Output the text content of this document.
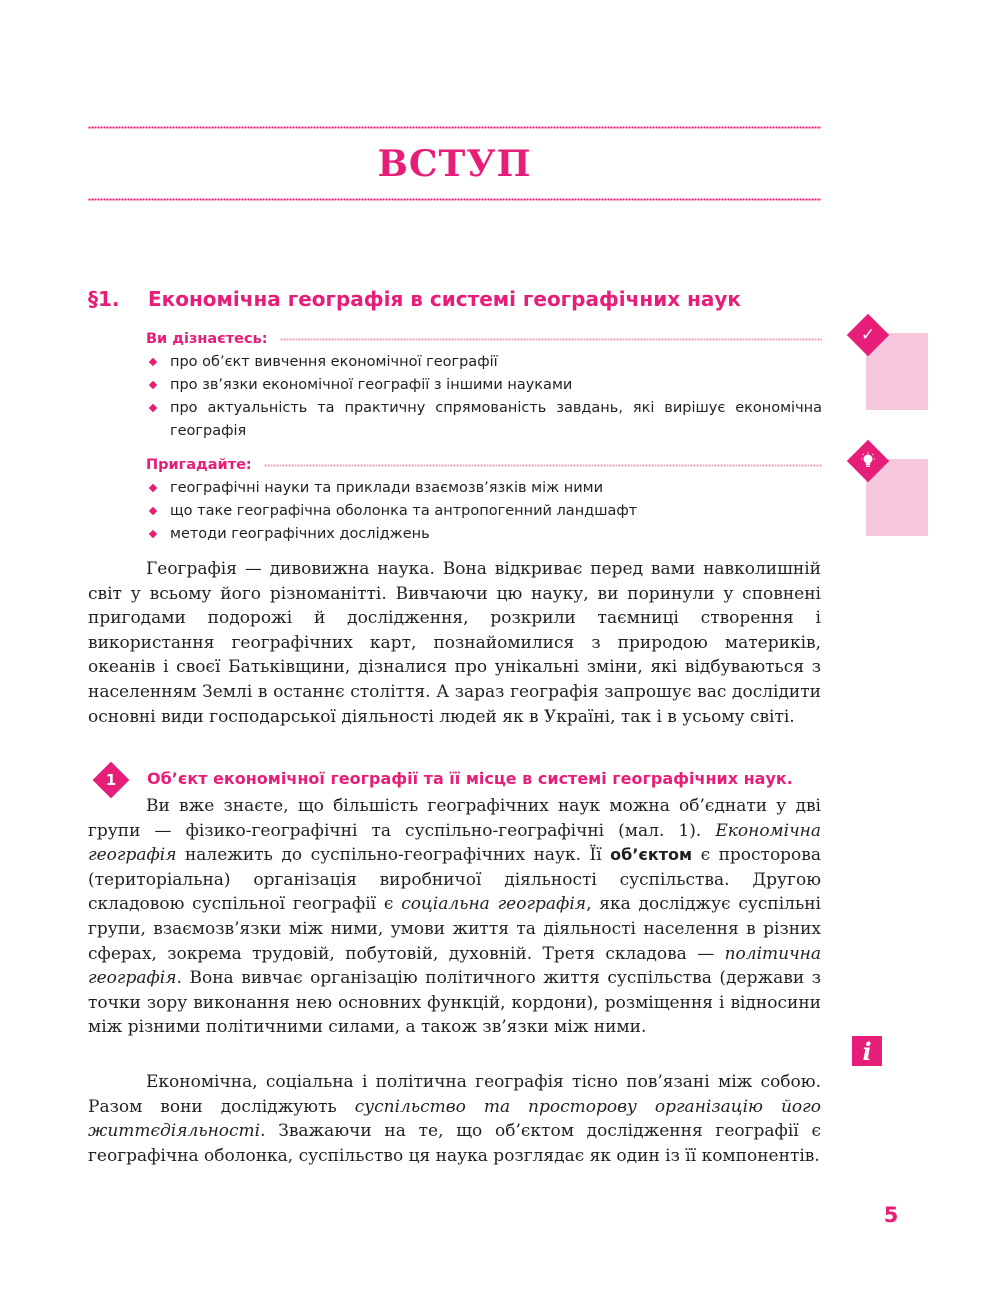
ВСТУП
§1. Економічна географія в системі географічних наук
Ви дізнаєтесь:
про об’єкт вивчення економічної географії
про зв’язки економічної географії з іншими науками
про актуальність та практичну спрямованість завдань, які вирішує економічна географія
Пригадайте:
географічні науки та приклади взаємозв’язків між ними
що таке географічна оболонка та антропогенний ландшафт
методи географічних досліджень
✓

Географія — дивовижна наука. Вона відкриває перед вами навколишній світ у всьому його різноманітті. Вивчаючи цю науку, ви поринули у сповнені пригодами подорожі й дослідження, розкрили таємниці створення і використання географічних карт, познайомилися з природою материків, океанів і своєї Батьківщини, дізналися про унікальні зміни, які відбуваються з населенням Землі в останнє століття. А зараз географія запрошує вас дослідити основні види господарської діяльності людей як в Україні, так і в усьому світі.

1	Об’єкт економічної географії та її місце в системі географічних наук.

Ви вже знаєте, що більшість географічних наук можна об’єднати у дві групи — фізико-географічні та суспільно-географічні (мал. 1). Економічна географія належить до суспільно-географічних наук. Її об’єктом є просторова (територіальна) організація виробничої діяльності суспільства. Другою складовою суспільної географії є соціальна географія, яка досліджує суспільні групи, взаємозв’язки між ними, умови життя та діяльності населення в різних сферах, зокрема трудовій, побутовій, духовній. Третя складова — політична географія. Вона вивчає організацію політичного життя суспільства (держави з точки зору виконання нею основних функцій, кордони), розміщення і відносини між різними політичними силами, а також зв’язки між ними.

Економічна, соціальна і політична географія тісно пов’язані між собою. Разом вони досліджують суспільство та просторову організацію його життєдіяльності. Зважаючи на те, що об’єктом дослідження географії є географічна оболонка, суспільство ця наука розглядає як один із її компонентів.

i
5
